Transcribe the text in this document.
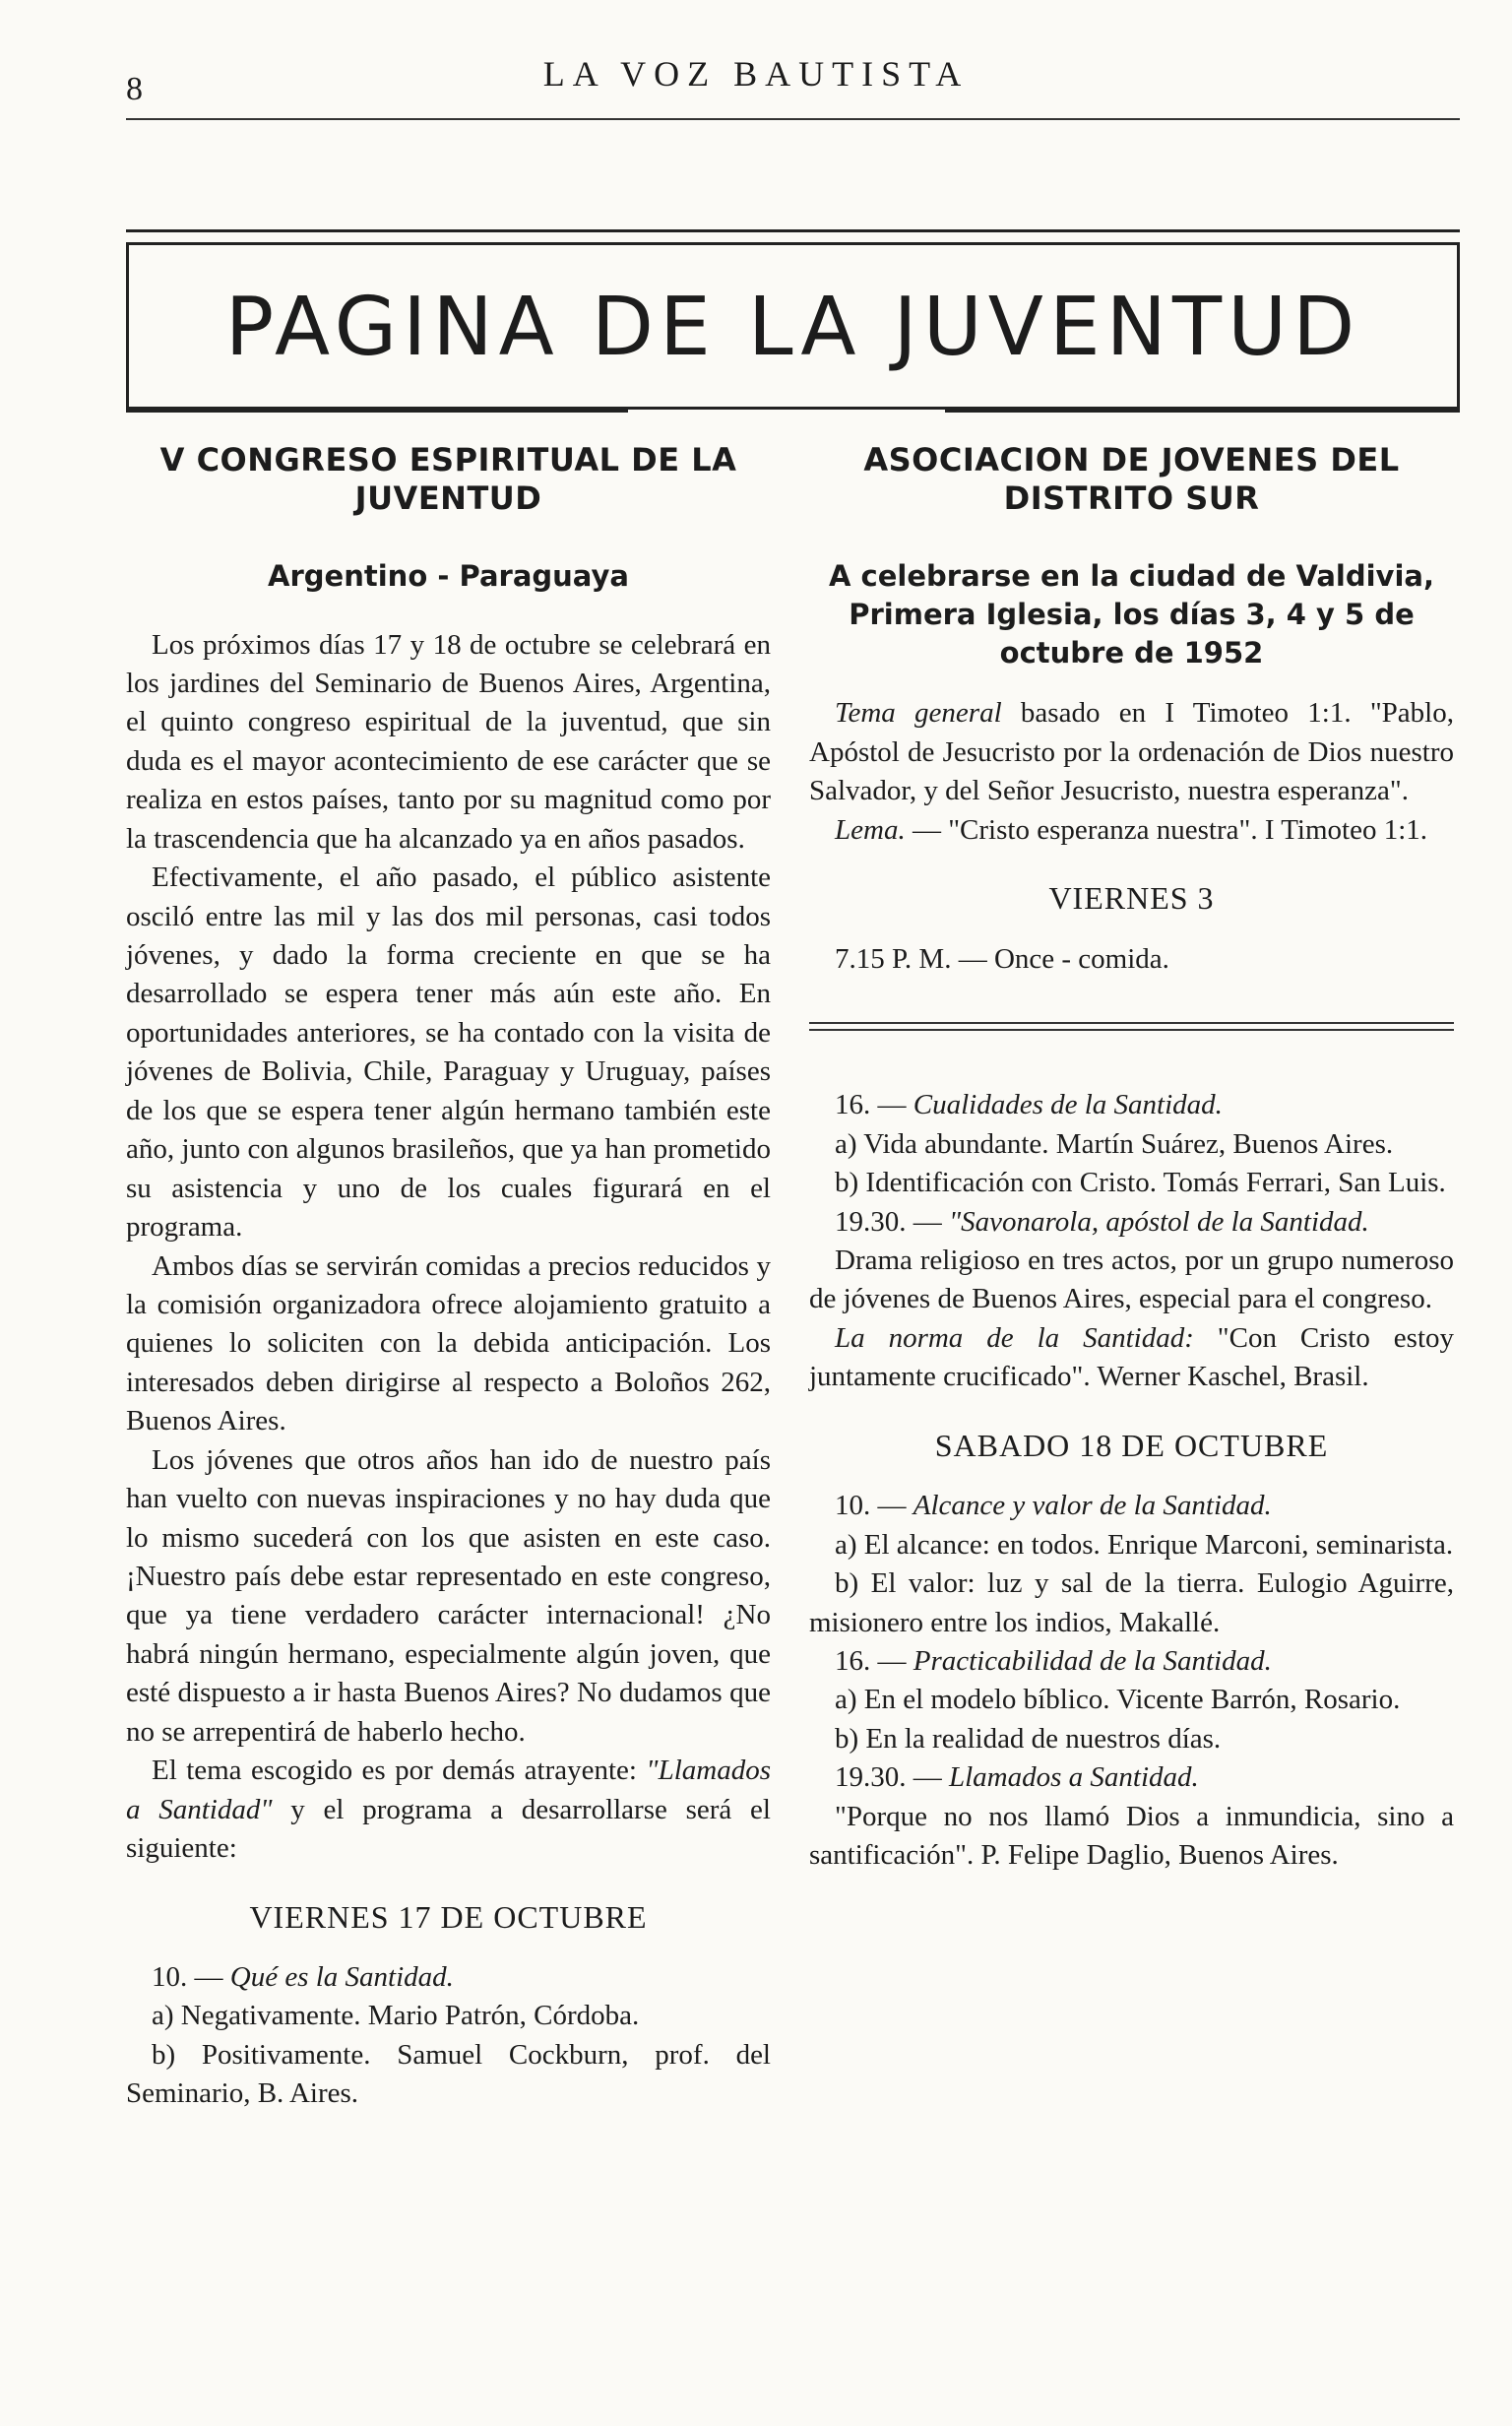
8	LA VOZ BAUTISTA
PAGINA DE LA JUVENTUD
V CONGRESO ESPIRITUAL DE LA JUVENTUD
Argentino - Paraguaya

Los próximos días 17 y 18 de octubre se celebrará en los jardines del Seminario de Buenos Aires, Argentina, el quinto congreso espiritual de la juventud, que sin duda es el mayor acontecimiento de ese carácter que se realiza en estos países, tanto por su magnitud como por la trascendencia que ha alcanzado ya en años pasados.

Efectivamente, el año pasado, el público asistente osciló entre las mil y las dos mil personas, casi todos jóvenes, y dado la forma creciente en que se ha desarrollado se espera tener más aún este año. En oportunidades anteriores, se ha contado con la visita de jóvenes de Bolivia, Chile, Paraguay y Uruguay, países de los que se espera tener algún hermano también este año, junto con algunos brasileños, que ya han prometido su asistencia y uno de los cuales figurará en el programa.

Ambos días se servirán comidas a precios reducidos y la comisión organizadora ofrece alojamiento gratuito a quienes lo soliciten con la debida anticipación. Los interesados deben dirigirse al respecto a Boloños 262, Buenos Aires.

Los jóvenes que otros años han ido de nuestro país han vuelto con nuevas inspiraciones y no hay duda que lo mismo sucederá con los que asisten en este caso. ¡Nuestro país debe estar representado en este congreso, que ya tiene verdadero carácter internacional! ¿No habrá ningún hermano, especialmente algún joven, que esté dispuesto a ir hasta Buenos Aires? No dudamos que no se arrepentirá de haberlo hecho.

El tema escogido es por demás atrayente: "Llamados a Santidad" y el programa a desarrollarse será el siguiente:

VIERNES 17 DE OCTUBRE

10. — Qué es la Santidad.

a) Negativamente. Mario Patrón, Córdoba.

b) Positivamente. Samuel Cockburn, prof. del Seminario, B. Aires.

ASOCIACION DE JOVENES DEL DISTRITO SUR
A celebrarse en la ciudad de Valdivia, Primera Iglesia, los días 3, 4 y 5 de octubre de 1952

Tema general basado en I Timoteo 1:1. "Pablo, Apóstol de Jesucristo por la ordenación de Dios nuestro Salvador, y del Señor Jesucristo, nuestra esperanza".

Lema. — "Cristo esperanza nuestra". I Timoteo 1:1.

VIERNES 3

7.15 P. M. — Once - comida.

16. — Cualidades de la Santidad.

a) Vida abundante. Martín Suárez, Buenos Aires.

b) Identificación con Cristo. Tomás Ferrari, San Luis.

19.30. — "Savonarola, apóstol de la Santidad.

Drama religioso en tres actos, por un grupo numeroso de jóvenes de Buenos Aires, especial para el congreso.

La norma de la Santidad: "Con Cristo estoy juntamente crucificado". Werner Kaschel, Brasil.

SABADO 18 DE OCTUBRE

10. — Alcance y valor de la Santidad.

a) El alcance: en todos. Enrique Marconi, seminarista.

b) El valor: luz y sal de la tierra. Eulogio Aguirre, misionero entre los indios, Makallé.

16. — Practicabilidad de la Santidad.

a) En el modelo bíblico. Vicente Barrón, Rosario.

b) En la realidad de nuestros días.

19.30. — Llamados a Santidad.

"Porque no nos llamó Dios a inmundicia, sino a santificación". P. Felipe Daglio, Buenos Aires.
